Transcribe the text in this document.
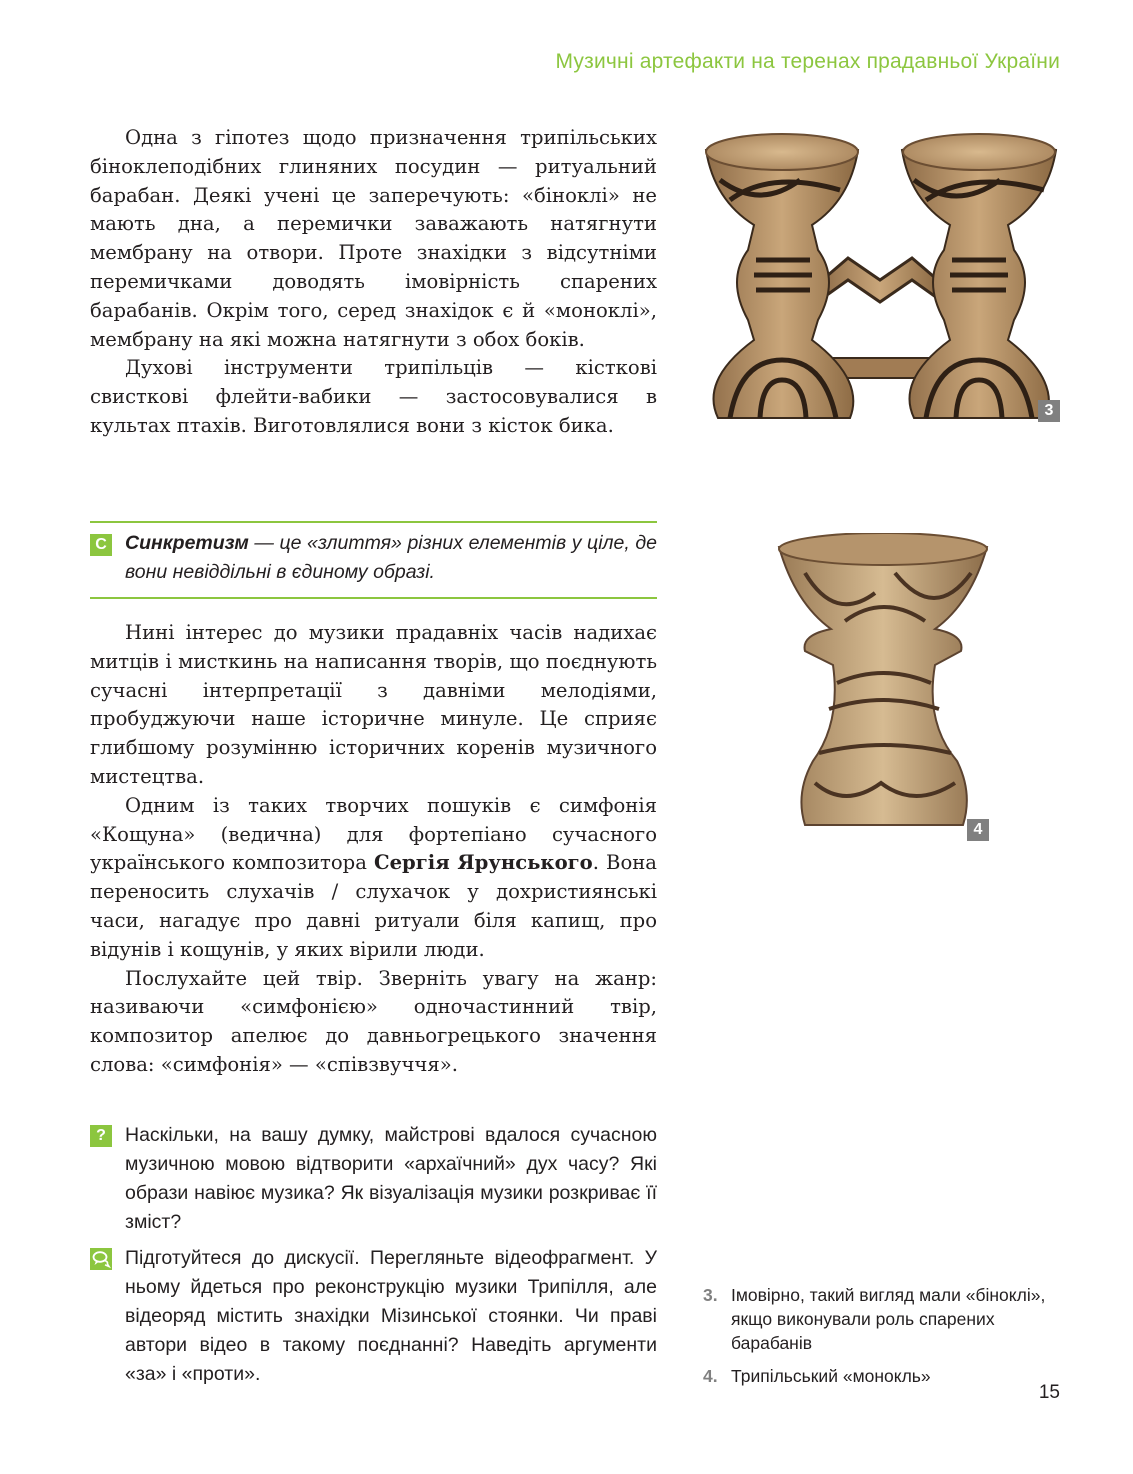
Музичні артефакти на теренах прадавньої України

Одна з гіпотез щодо призначення трипільських біноклеподібних глиняних посудин — ритуальний барабан. Деякі учені це заперечують: «біноклі» не мають дна, а перемички заважають натягнути мембрану на отвори. Проте знахідки з відсутніми перемичками доводять імовірність спарених барабанів. Окрім того, серед знахідок є й «моноклі», мембрану на які можна натягнути з обох боків.

Духові інструменти трипільців — кісткові свисткові флейти-вабики — застосовувалися в культах птахів. Виготовлялися вони з кісток бика.

С Синкретизм — це «злиття» різних елементів у ціле, де вони невіддільні в єдиному образі.

Нині інтерес до музики прадавніх часів надихає митців і мисткинь на написання творів, що поєднують сучасні інтерпретації з давніми мелодіями, пробуджуючи наше історичне минуле. Це сприяє глибшому розумінню історичних коренів музичного мистецтва.

Одним із таких творчих пошуків є симфонія «Кощуна» (ведична) для фортепіано сучасного українського композитора Сергія Ярунського. Вона переносить слухачів / слухачок у дохристиянські часи, нагадує про давні ритуали біля капищ, про відунів і кощунів, у яких вірили люди.

Послухайте цей твір. Зверніть увагу на жанр: називаючи «симфонією» одночастинний твір, композитор апелює до давньогрецького значення слова: «симфонія» — «співзвуччя».

? Наскільки, на вашу думку, майстрові вдалося сучасною музичною мовою відтворити «архаїчний» дух часу? Які образи навіює музика? Як візуалізація музики розкриває її зміст?
Підготуйтеся до дискусії. Перегляньте відеофрагмент. У ньому йдеться про реконструкцію музики Трипілля, але відеоряд містить знахідки Мізинської стоянки. Чи праві автори відео в такому поєднанні? Наведіть аргументи «за» і «проти».
3
4
3. Імовірно, такий вигляд мали «біноклі», якщо виконували роль спарених барабанів
4. Трипільський «монокль»
15
